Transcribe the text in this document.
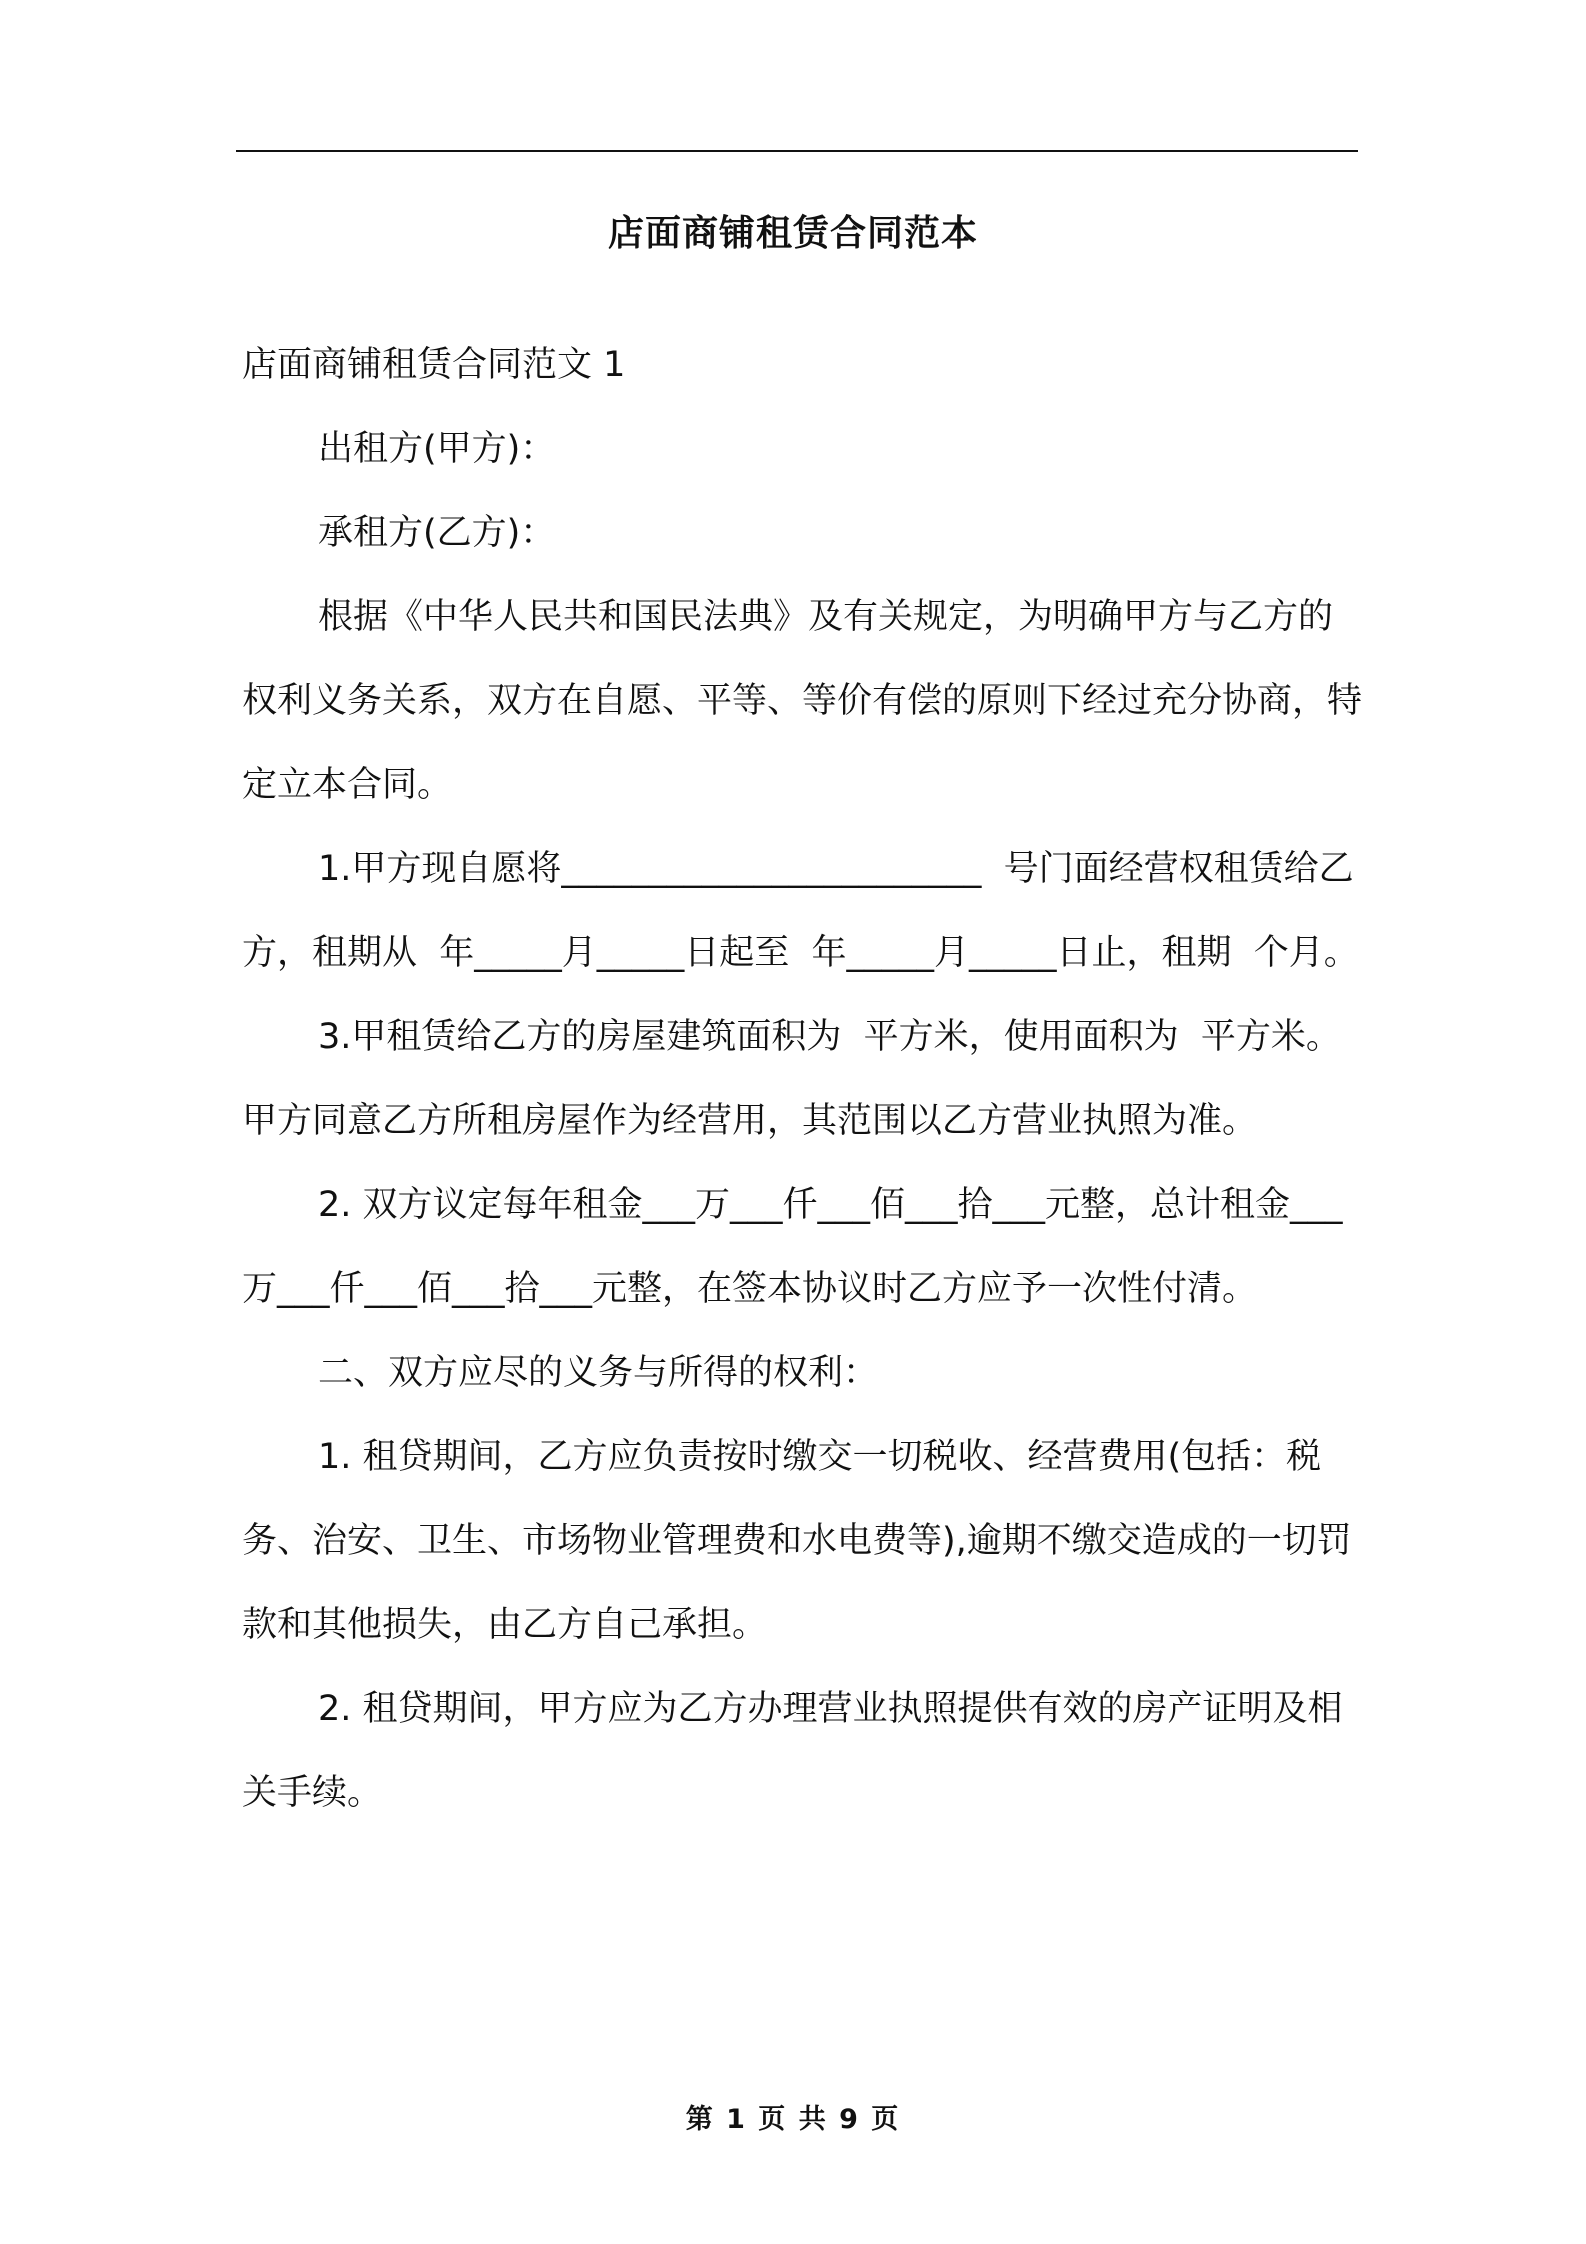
店面商铺租赁合同范本

店面商铺租赁合同范文 1

出租方(甲方)：

承租方(乙方)：

根据《中华人民共和国民法典》及有关规定，为明确甲方与乙方的权利义务关系，双方在自愿、平等、等价有偿的原则下经过充分协商，特定立本合同。

1.甲方现自愿将________________________  号门面经营权租赁给乙方，租期从  年_____月_____日起至  年_____月_____日止，租期  个月。

3.甲租赁给乙方的房屋建筑面积为  平方米，使用面积为  平方米。甲方同意乙方所租房屋作为经营用，其范围以乙方营业执照为准。

2. 双方议定每年租金___万___仟___佰___拾___元整，总计租金___万___仟___佰___拾___元整，在签本协议时乙方应予一次性付清。

二、双方应尽的义务与所得的权利：

1. 租贷期间，乙方应负责按时缴交一切税收、经营费用(包括：税务、治安、卫生、市场物业管理费和水电费等),逾期不缴交造成的一切罚款和其他损失，由乙方自己承担。

2. 租贷期间，甲方应为乙方办理营业执照提供有效的房产证明及相关手续。

第 1 页 共 9 页
